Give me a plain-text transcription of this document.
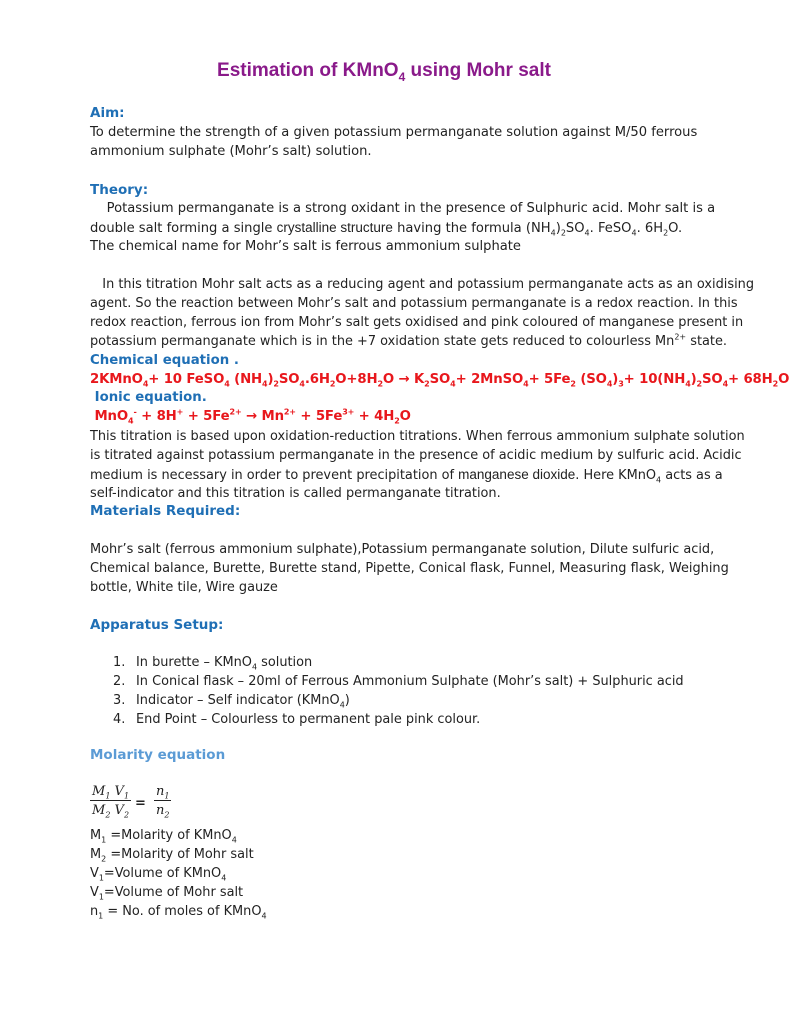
Estimation of KMnO$_4$ using Mohr salt
Aim:
To determine the strength of a given potassium permanganate solution against M/50 ferrous
ammonium sulphate (Mohr’s salt) solution.
Theory:
Potassium permanganate is a strong oxidant in the presence of Sulphuric acid. Mohr salt is a
double salt forming a single crystalline structure having the formula $(NH_4)_2SO_4$. FeSO$_4$. $6H_2O$.
The chemical name for Mohr’s salt is ferrous ammonium sulphate
In this titration Mohr salt acts as a reducing agent and potassium permanganate acts as an oxidising
agent. So the reaction between Mohr’s salt and potassium permanganate is a redox reaction. In this
redox reaction, ferrous ion from Mohr’s salt gets oxidised and pink coloured of manganese present in
potassium permanganate which is in the +7 oxidation state gets reduced to colourless $Mn^{2+}$ state.
Chemical equation .
2KMnO$_4$+ 10 FeSO$_4$ $(NH_4)_2SO_4.6H_2O+8H_2O \to K_2SO_4+$ 2MnSO$_4$+ $5Fe_2$ $(SO_4)_3+ 10(NH_4)_2SO_4+ 68H_2O$
Ionic equation.
$MnO_4^- + 8H^+ + 5Fe^{2+} \to Mn^{2+} + 5Fe^{3+} + 4H_2O$
This titration is based upon oxidation-reduction titrations. When ferrous ammonium sulphate solution
is titrated against potassium permanganate in the presence of acidic medium by sulfuric acid. Acidic
medium is necessary in order to prevent precipitation of manganese dioxide. Here KMnO$_4$ acts as a
self-indicator and this titration is called permanganate titration.
Materials Required:
Mohr’s salt (ferrous ammonium sulphate),Potassium permanganate solution, Dilute sulfuric acid,
Chemical balance, Burette, Burette stand, Pipette, Conical flask, Funnel, Measuring flask, Weighing
bottle, White tile, Wire gauze
Apparatus Setup:
1. In burette – KMnO$_4$ solution
2. In Conical flask – 20ml of Ferrous Ammonium Sulphate (Mohr’s salt) + Sulphuric acid
3. Indicator – Self indicator (KMnO$_4$)
4. End Point – Colourless to permanent pale pink colour.
Molarity equation
$\frac{M_1 V_1}{M_2 V_2} = \frac{n_1}{n_2}$
$M_1$ =Molarity of KMnO$_4$
$M_2$ =Molarity of Mohr salt
$V_1=Volume$ of KMnO$_4$
$V_1=Volume$ of Mohr salt
$n_1 = No$. of moles of KMnO$_4$
